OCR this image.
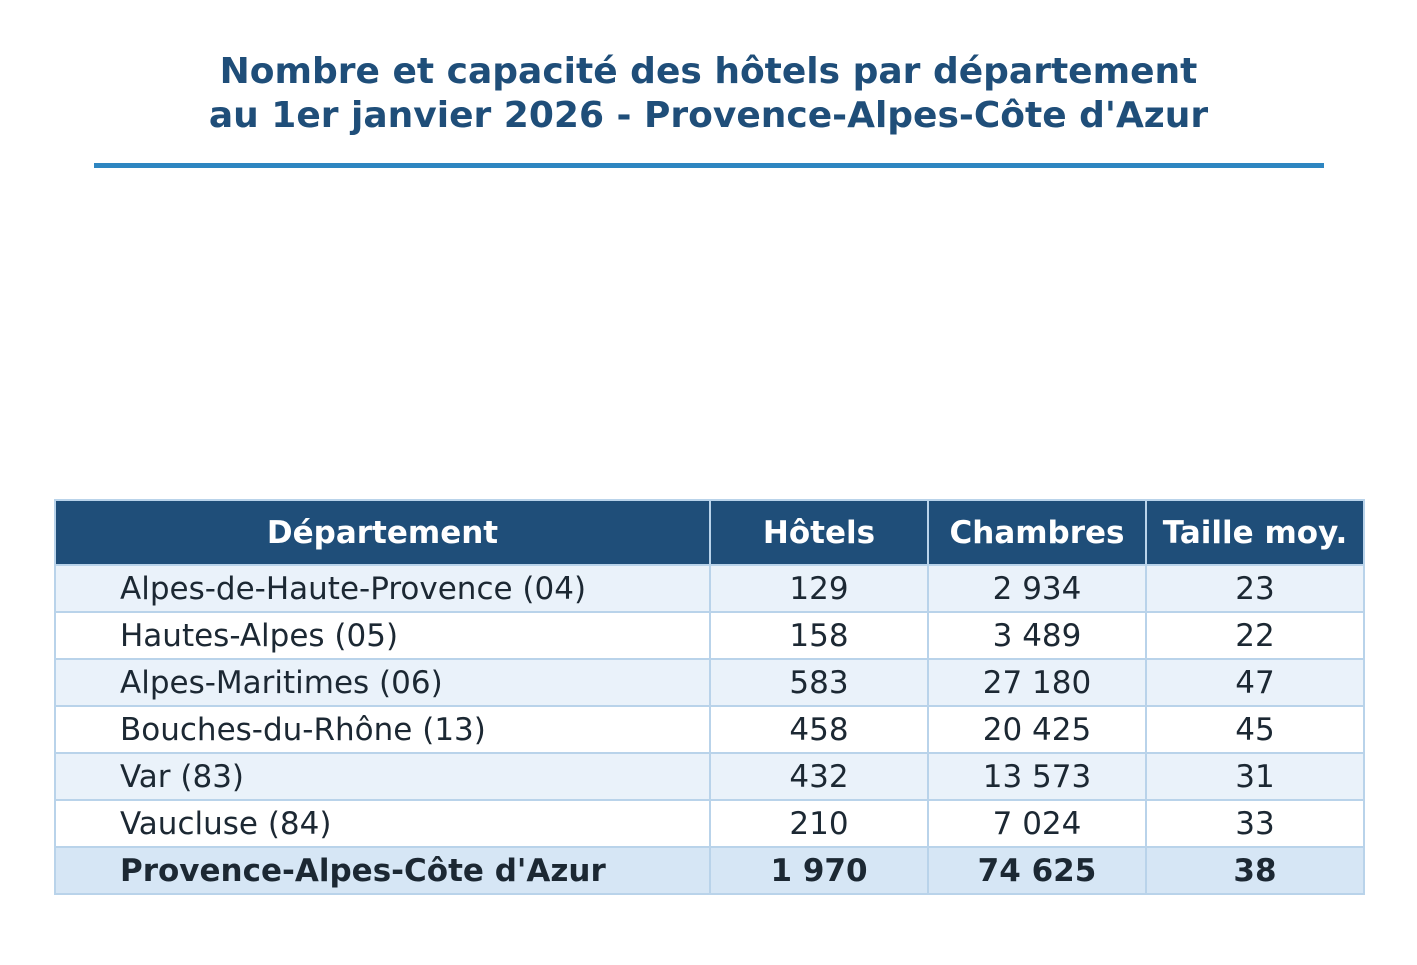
Nombre et capacité des hôtels par département
au 1er janvier 2026 - Provence-Alpes-Côte d'Azur
Département	Hôtels	Chambres	Taille moy.
Alpes-de-Haute-Provence (04)	129	2 934	23
Hautes-Alpes (05)	158	3 489	22
Alpes-Maritimes (06)	583	27 180	47
Bouches-du-Rhône (13)	458	20 425	45
Var (83)	432	13 573	31
Vaucluse (84)	210	7 024	33
Provence-Alpes-Côte d'Azur	1 970	74 625	38
